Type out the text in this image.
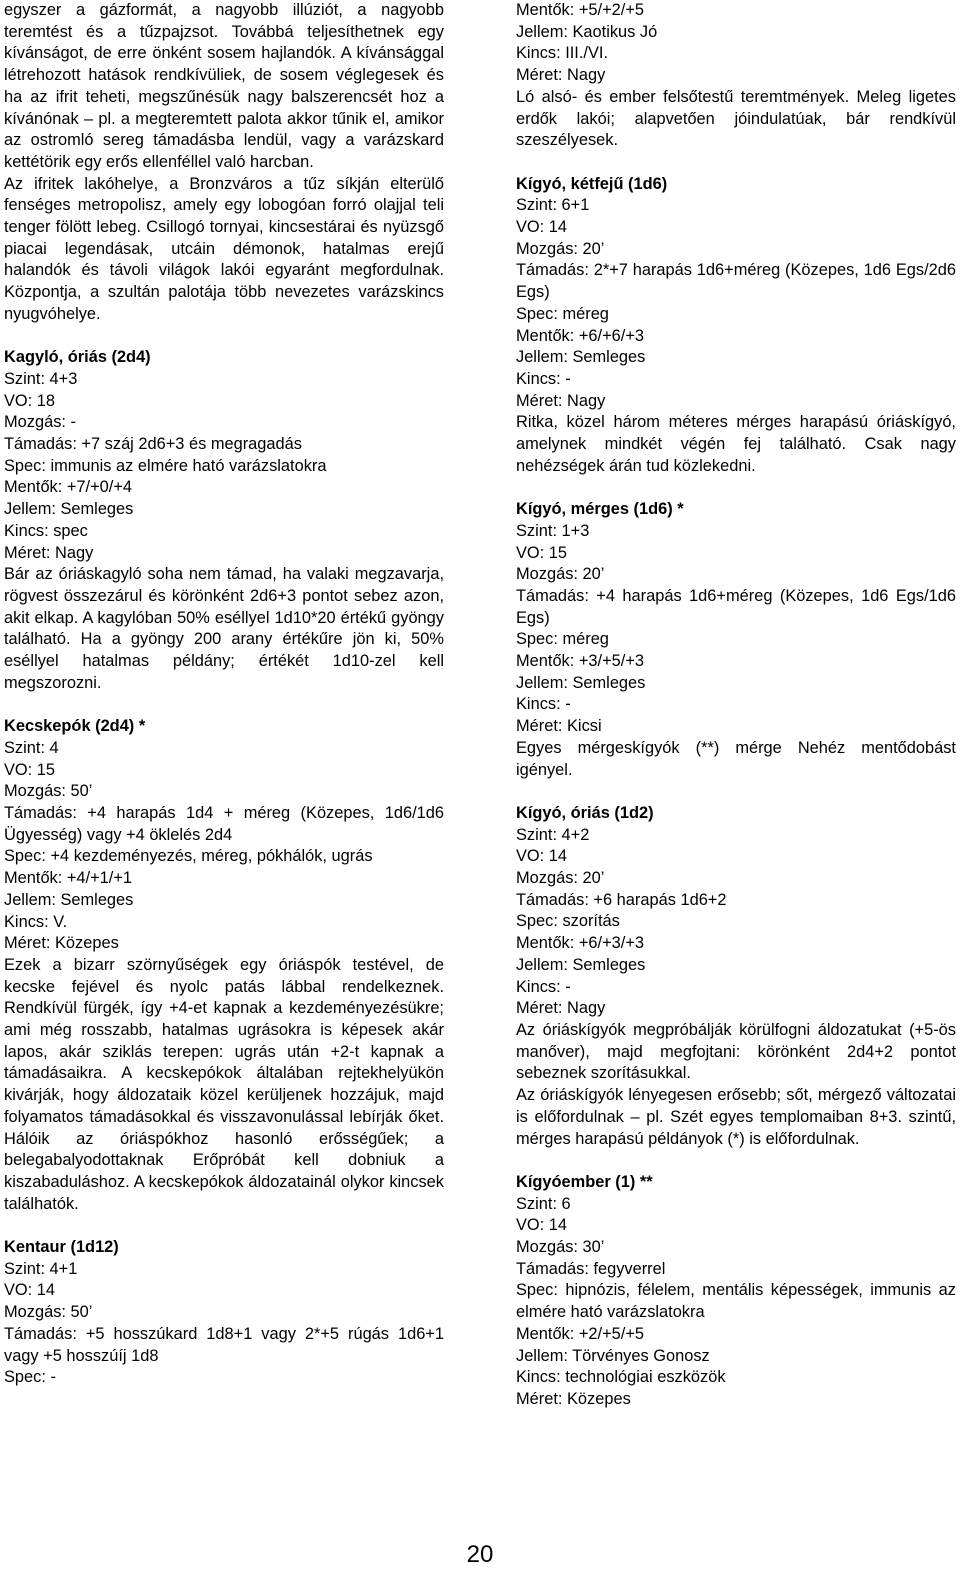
egyszer a gázformát, a nagyobb illúziót, a nagyobb teremtést és a tűzpajzsot. Továbbá teljesíthetnek egy kívánságot, de erre önként sosem hajlandók. A kívánsággal létrehozott hatások rendkívüliek, de sosem véglegesek és ha az ifrit teheti, megszűnésük nagy balszerencsét hoz a kívánónak – pl. a megteremtett palota akkor tűnik el, amikor az ostromló sereg támadásba lendül, vagy a varázskard kettétörik egy erős ellenféllel való harcban.

Az ifritek lakóhelye, a Bronzváros a tűz síkján elterülő fenséges metropolisz, amely egy lobogóan forró olajjal teli tenger fölött lebeg. Csillogó tornyai, kincsestárai és nyüzsgő piacai legendásak, utcáin démonok, hatalmas erejű halandók és távoli világok lakói egyaránt megfordulnak. Központja, a szultán palotája több nevezetes varázskincs nyugvóhelye.

Kagyló, óriás (2d4)
Szint: 4+3
VO: 18
Mozgás: -
Támadás: +7 száj 2d6+3 és megragadás
Spec: immunis az elmére ható varázslatokra
Mentők: +7/+0/+4
Jellem: Semleges
Kincs: spec
Méret: Nagy

Bár az óriáskagyló soha nem támad, ha valaki megzavarja, rögvest összezárul és körönként 2d6+3 pontot sebez azon, akit elkap. A kagylóban 50% eséllyel 1d10*20 értékű gyöngy található. Ha a gyöngy 200 arany értékűre jön ki, 50% eséllyel hatalmas példány; értékét 1d10-zel kell megszorozni.

Kecskepók (2d4) *
Szint: 4
VO: 15
Mozgás: 50’

Támadás: +4 harapás 1d4 + méreg (Közepes, 1d6/1d6 Ügyesség) vagy +4 öklelés 2d4

Spec: +4 kezdeményezés, méreg, pókhálók, ugrás
Mentők: +4/+1/+1
Jellem: Semleges
Kincs: V.
Méret: Közepes

Ezek a bizarr szörnyűségek egy óriáspók testével, de kecske fejével és nyolc patás lábbal rendelkeznek. Rendkívül fürgék, így +4-et kapnak a kezdeményezésükre; ami még rosszabb, hatalmas ugrásokra is képesek akár lapos, akár sziklás terepen: ugrás után +2-t kapnak a támadásaikra. A kecskepókok általában rejtekhelyükön kivárják, hogy áldozataik közel kerüljenek hozzájuk, majd folyamatos támadásokkal és visszavonulással lebírják őket. Hálóik az óriáspókhoz hasonló erősségűek; a belegabalyodottaknak Erőpróbát kell dobniuk a kiszabaduláshoz. A kecskepókok áldozatainál olykor kincsek találhatók.

Kentaur (1d12)
Szint: 4+1
VO: 14
Mozgás: 50’

Támadás: +5 hosszúkard 1d8+1 vagy 2*+5 rúgás 1d6+1 vagy +5 hosszúíj 1d8

Spec: -
Mentők: +5/+2/+5
Jellem: Kaotikus Jó
Kincs: III./VI.
Méret: Nagy

Ló alsó- és ember felsőtestű teremtmények. Meleg ligetes erdők lakói; alapvetően jóindulatúak, bár rendkívül szeszélyesek.

Kígyó, kétfejű (1d6)
Szint: 6+1
VO: 14
Mozgás: 20’

Támadás: 2*+7 harapás 1d6+méreg (Közepes, 1d6 Egs/2d6 Egs)

Spec: méreg
Mentők: +6/+6/+3
Jellem: Semleges
Kincs: -
Méret: Nagy

Ritka, közel három méteres mérges harapású óriáskígyó, amelynek mindkét végén fej található. Csak nagy nehézségek árán tud közlekedni.

Kígyó, mérges (1d6) *
Szint: 1+3
VO: 15
Mozgás: 20’

Támadás: +4 harapás 1d6+méreg (Közepes, 1d6 Egs/1d6 Egs)

Spec: méreg
Mentők: +3/+5/+3
Jellem: Semleges
Kincs: -
Méret: Kicsi

Egyes mérgeskígyók (**) mérge Nehéz mentődobást igényel.

Kígyó, óriás (1d2)
Szint: 4+2
VO: 14
Mozgás: 20’
Támadás: +6 harapás 1d6+2
Spec: szorítás
Mentők: +6/+3/+3
Jellem: Semleges
Kincs: -
Méret: Nagy

Az óriáskígyók megpróbálják körülfogni áldozatukat (+5-ös manőver), majd megfojtani: körönként 2d4+2 pontot sebeznek szorításukkal.

Az óriáskígyók lényegesen erősebb; sőt, mérgező változatai is előfordulnak – pl. Szét egyes templomaiban 8+3. szintű, mérges harapású példányok (*) is előfordulnak.

Kígyóember (1) **
Szint: 6
VO: 14
Mozgás: 30’
Támadás: fegyverrel

Spec: hipnózis, félelem, mentális képességek, immunis az elmére ható varázslatokra

Mentők: +2/+5/+5
Jellem: Törvényes Gonosz
Kincs: technológiai eszközök
Méret: Közepes
20
